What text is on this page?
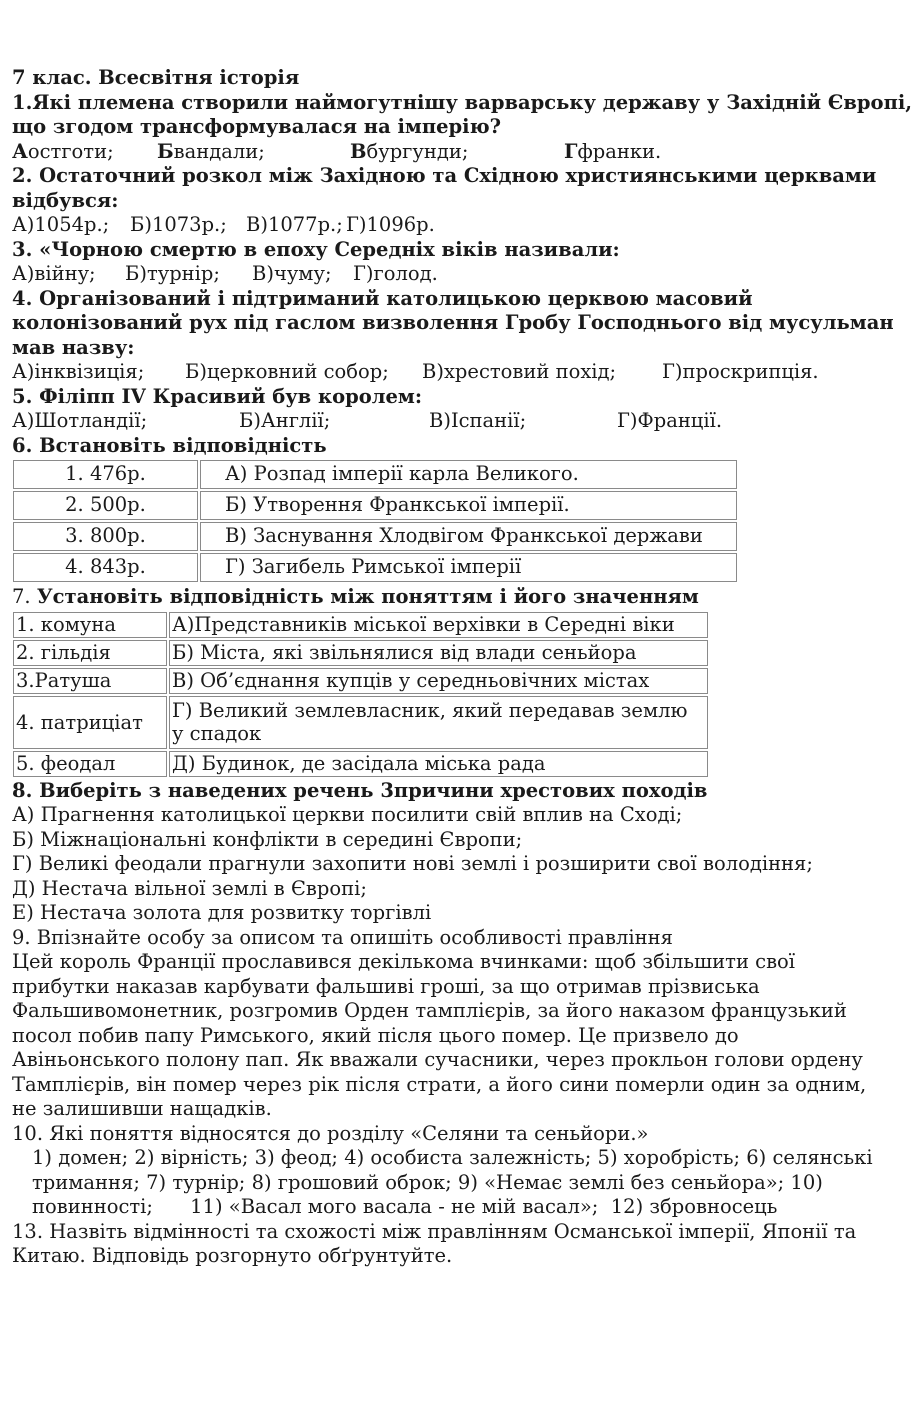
7 клас. Всесвітня історія
1.Які племена створили наймогутнішу варварську державу у Західній Європі,
що згодом трансформувалася на імперію?
Аостготи; Бвандали;	Вбургунди;	Гфранки.
2. Остаточний розкол між Західною та Східною християнськими церквами
відбувся:
А)1054р.; Б)1073р.; В)1077р.; Г)1096р.
3. «Чорною смертю в епоху Середніх віків називали:
А)війну; Б)турнір; В)чуму; Г)голод.
4. Організований і підтриманий католицькою церквою масовий
колонізований рух під гаслом визволення Гробу Господнього від мусульман
мав назву:
А)інквізиція; Б)церковний собор; В)хрестовий похід; Г)проскрипція.
5. Філіпп IV Красивий був королем:
А)Шотландії;	Б)Англії;	В)Іспанії;	Г)Франції.
6. Встановіть відповідність
1. 476р.	А) Розпад імперії карла Великого.
2. 500р.	Б) Утворення Франкської імперії.
3. 800р.	В) Заснування Хлодвігом Франкської держави
4. 843р.	Г) Загибель Римської імперії
7. Установіть відповідність між поняттям і його значенням
1. комуна	А)Представників міської верхівки в Середні віки
2. гільдія	Б) Міста, які звільнялися від влади сеньйора
3.Ратуша	В) Об’єднання купців у середньовічних містах
4. патриціат	Г) Великий землевласник, який передавав землю у спадок
5. феодал	Д) Будинок, де засідала міська рада
8. Виберіть з наведених речень 3причини хрестових походів
А) Прагнення католицької церкви посилити свій вплив на Сході;
Б) Міжнаціональні конфлікти в середині Європи;
Г) Великі феодали прагнули захопити нові землі і розширити свої володіння;
Д) Нестача вільної землі в Європі;
Е) Нестача золота для розвитку торгівлі
9. Впізнайте особу за описом та опишіть особливості правління
Цей король Франції прославився декількома вчинками: щоб збільшити свої
прибутки наказав карбувати фальшиві гроші, за що отримав прізвиська
Фальшивомонетник, розгромив Орден тамплієрів, за його наказом французький
посол побив папу Римського, який після цього помер. Це призвело до
Авіньонського полону пап. Як вважали сучасники, через прокльон голови ордену
Тамплієрів, він помер через рік після страти, а його сини померли один за одним,
не залишивши нащадків.
10. Які поняття відносятся до розділу «Селяни та сеньйори.»
1) домен; 2) вірність; 3) феод; 4) особиста залежність; 5) хоробрість; 6) селянські
тримання; 7) турнір; 8) грошовий оброк; 9) «Немає землі без сеньйора»; 10)
повинності;      11) «Васал мого васала - не мій васал»;  12) збровносець
13. Назвіть відмінності та схожості між правлінням Османської імперії, Японії та
Китаю. Відповідь розгорнуто обґрунтуйте.
